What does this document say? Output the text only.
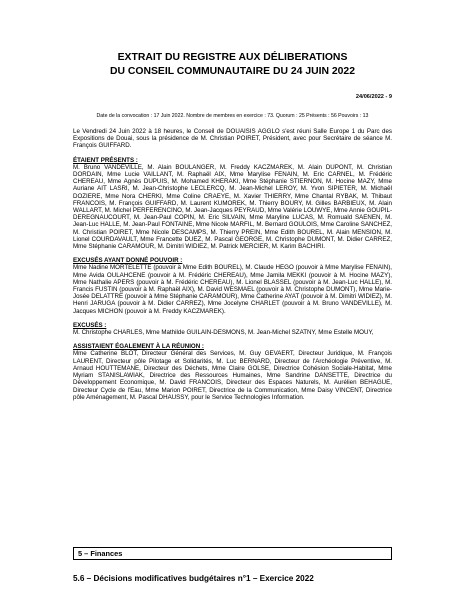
EXTRAIT DU REGISTRE AUX DÉLIBERATIONS
DU CONSEIL COMMUNAUTAIRE DU 24 JUIN 2022
24/06/2022 - 9
Date de la convocation : 17 Juin 2022. Nombre de membres en exercice : 73. Quorum : 25 Présents : 56 Pouvoirs : 13
Le Vendredi 24 Juin 2022 à 18 heures, le Conseil de DOUAISIS AGGLO s'est réuni Salle Europe 1 du Parc des Expositions de Douai, sous la présidence de M. Christian POIRET, Président, avec pour Secrétaire de séance M. François GUIFFARD.
ÉTAIENT PRÉSENTS :
M. Bruno VANDEVILLE, M. Alain BOULANGER, M. Freddy KACZMAREK, M. Alain DUPONT, M. Christian DORDAIN, Mme Lucie VAILLANT, M. Raphaël AIX, Mme Marylise FENAIN, M. Eric CARNEL, M. Frédéric CHEREAU, Mme Agnès DUPUIS, M. Mohamed KHERAKI, Mme Stéphanie STIERNON, M. Hocine MAZY, Mme Auriane AIT LASRI, M. Jean-Christophe LECLERCQ, M. Jean-Michel LEROY, M. Yvon SIPIETER, M. Michaël DOZIERE, Mme Nora CHERKI, Mme Coline CRAEYE, M. Xavier THIERRY, Mme Chantal RYBAK, M. Thibaut FRANCOIS, M. François GUIFFARD, M. Laurent KUMOREK, M. Thierry BOURY, M. Gilles BARBIEUX, M. Alain WALLART, M. Michel PERFERENCINO, M. Jean-Jacques PEYRAUD, Mme Valérie LOUWYE, Mme Annie GOUPIL-DEREGNAUCOURT, M. Jean-Paul COPIN, M. Eric SILVAIN, Mme Maryline LUCAS, M. Romuald SAENEN, M. Jean-Luc HALLE, M. Jean-Paul FONTAINE, Mme Nicole MARFIL, M. Bernard GOULOIS, Mme Caroline SANCHEZ, M. Christian POIRET, Mme Nicole DESCAMPS, M. Thierry PREIN, Mme Edith BOUREL, M. Alain MENSION, M. Lionel COURDAVAULT, Mme Francette DUEZ, M. Pascal GEORGE, M. Christophe DUMONT, M. Didier CARREZ, Mme Stéphanie CARAMOUR, M. Dimitri WIDIEZ, M. Patrick MERCIER, M. Karim BACHIRI.
EXCUSÉS AYANT DONNÉ POUVOIR :
Mme Nadine MORTELETTE (pouvoir à Mme Edith BOUREL), M. Claude HEGO (pouvoir à Mme Marylise FENAIN), Mme Avida OULAHCENE (pouvoir à M. Frédéric CHEREAU), Mme Jamila MEKKI (pouvoir à M. Hocine MAZY), Mme Nathalie APERS (pouvoir à M. Frédéric CHEREAU), M. Lionel BLASSEL (pouvoir à M. Jean-Luc HALLE), M. Francis FUSTIN (pouvoir à M. Raphaël AIX), M. David WESMAEL (pouvoir à M. Christophe DUMONT), Mme Marie-Josée DELATTRE (pouvoir à Mme Stéphanie CARAMOUR), Mme Catherine AYAT (pouvoir à M. Dimitri WIDIEZ), M. Henri JARUGA (pouvoir à M. Didier CARREZ), Mme Jocelyne CHARLET (pouvoir à M. Bruno VANDEVILLE), M. Jacques MICHON (pouvoir à M. Freddy KACZMAREK).
EXCUSÉS :
M. Christophe CHARLES, Mme Mathilde GUILAIN-DESMONS, M. Jean-Michel SZATNY, Mme Estelle MOUY,
ASSISTAIENT ÉGALEMENT À LA RÉUNION :
Mme Catherine BLOT, Directeur Général des Services, M. Guy GEVAERT, Directeur Juridique, M. François LAURENT, Directeur pôle Pilotage et Solidarités, M. Luc BERNARD, Directeur de l'Archéologie Préventive, M. Arnaud HOUTTEMANE, Directeur des Déchets, Mme Claire GOLSE, Directrice Cohésion Sociale-Habitat, Mme Myriam STANISLAWIAK, Directrice des Ressources Humaines, Mme Sandrine DANSETTE, Directrice du Développement Economique, M. David FRANCOIS, Directeur des Espaces Naturels, M. Aurélien BEHAGUE, Directeur Cycle de l'Eau, Mme Marion POIRET, Directrice de la Communication, Mme Daisy VINCENT, Directrice pôle Aménagement, M. Pascal DHAUSSY, pour le Service Technologies Information.
5 – Finances
5.6 – Décisions modificatives budgétaires n°1 – Exercice 2022
